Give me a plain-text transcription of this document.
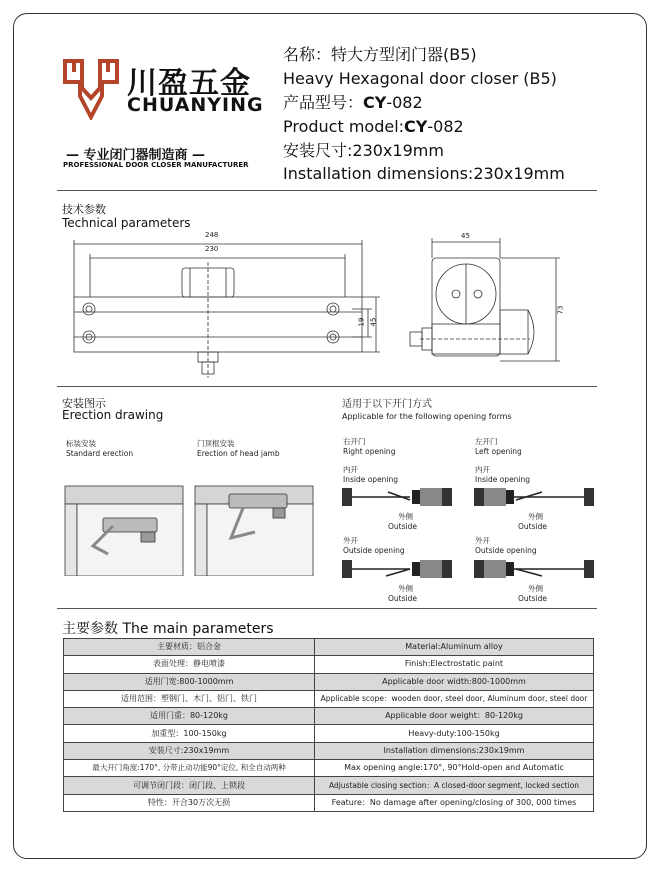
川盈五金
CHUANYING
— 专业闭门器制造商 —
PROFESSIONAL DOOR CLOSER MANUFACTURER
名称：特大方型闭门器(B5)
Heavy Hexagonal door closer (B5)
产品型号：CY-082
Product model:CY-082
安装尺寸:230x19mm
Installation dimensions:230x19mm
技术参数
Technical parameters
248
230
19 45
45
73
安装图示
Erection drawing
标装安装
Standard erection
门顶框安装
Erection of head jamb
适用于以下开门方式
Applicable for the following opening forms
右开门
Right opening
左开门
Left opening
内开
Inside opening
内开
Inside opening
外开
Outside opening
外开
Outside opening
外侧
Outside
外侧
Outside
外侧
Outside
外侧
Outside
主要参数 The main parameters
主要材质：铝合金	Material:Aluminum alloy
表面处理：静电喷漆	Finish:Electrostatic paint
适用门宽:800-1000mm	Applicable door width:800-1000mm
适用范围：塑钢门、木门、铝门、铁门	Applicable scope：wooden door, steel door, Aluminum door, steel door
适用门重：80-120kg	Applicable door weight：80-120kg
加重型：100-150kg	Heavy-duty:100-150kg
安装尺寸:230x19mm	Installation dimensions:230x19mm
最大开门角度:170°, 分带止动功能90°定位, 和全自动两种	Max opening angle:170°, 90°Hold-open and Automatic
可调节闭门段：闭门段、上锁段	Adjustable closing section：A closed-door segment, locked section
特性：开合30万次无损	Feature：No damage after opening/closing of 300, 000 times
